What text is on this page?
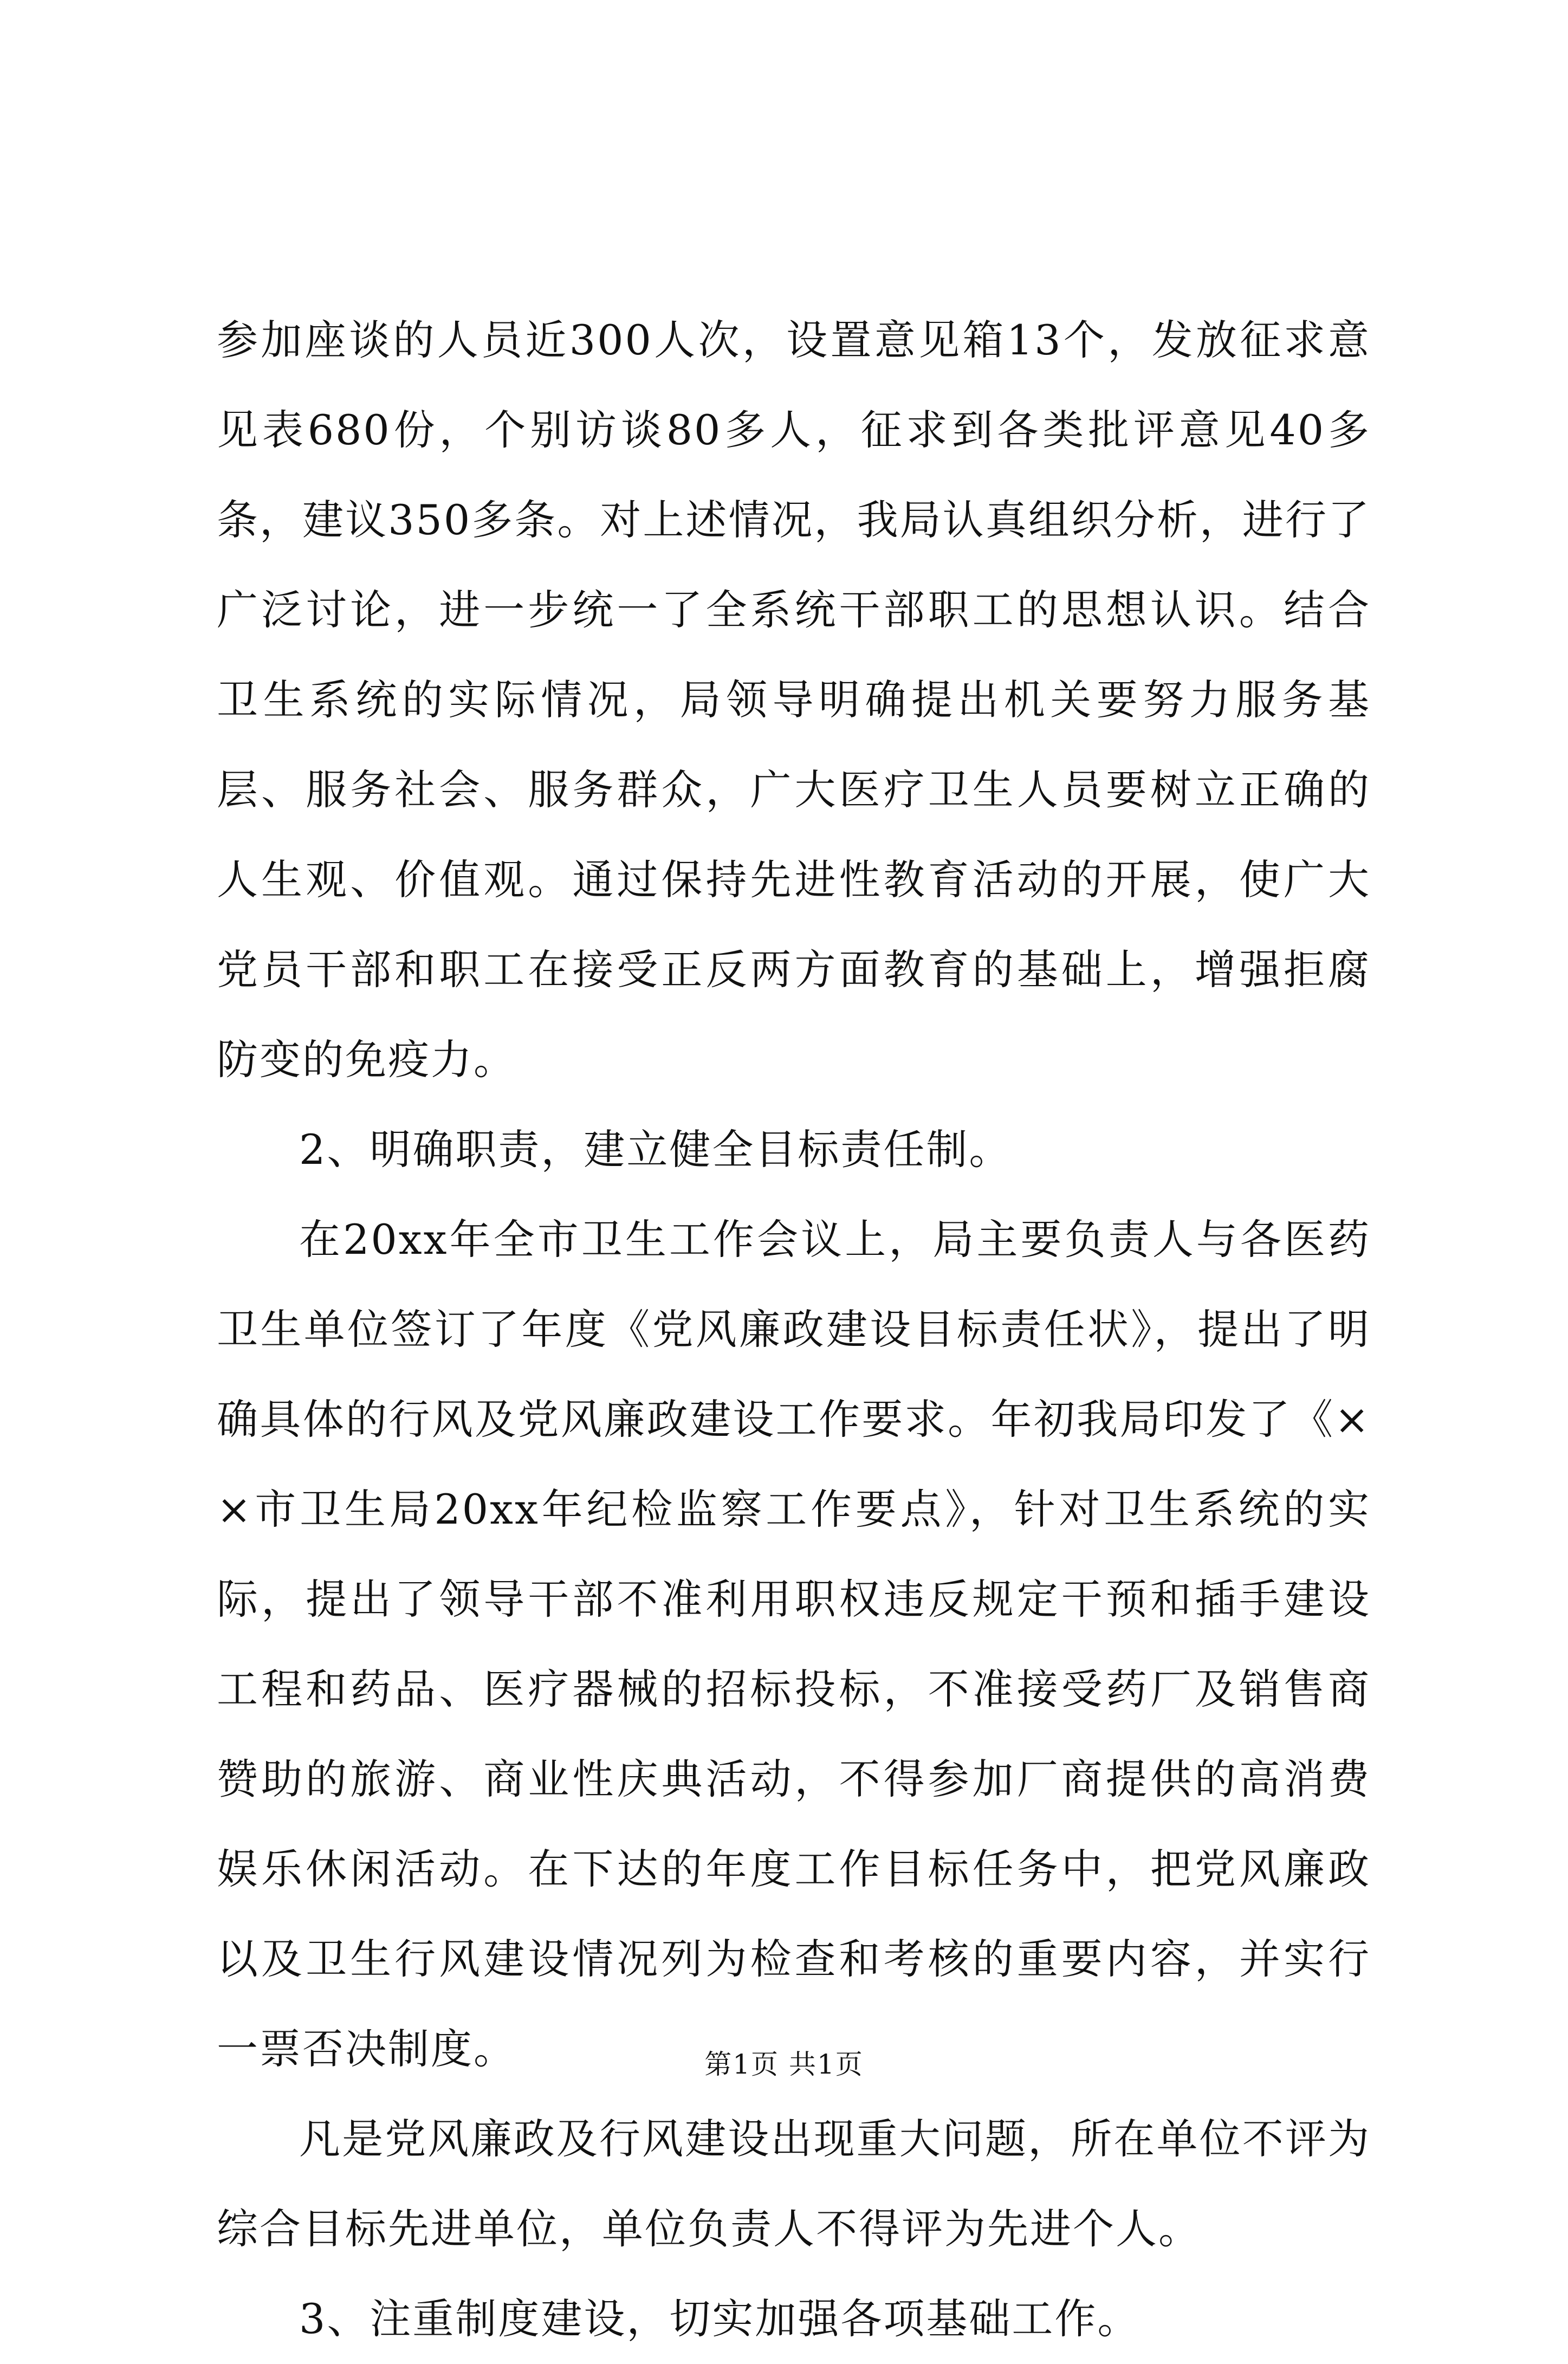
参加座谈的人员近300人次，设置意见箱13个，发放征求意见表680份，个别访谈80多人，征求到各类批评意见40多条，建议350多条。对上述情况，我局认真组织分析，进行了广泛讨论，进一步统一了全系统干部职工的思想认识。结合卫生系统的实际情况，局领导明确提出机关要努力服务基层、服务社会、服务群众，广大医疗卫生人员要树立正确的人生观、价值观。通过保持先进性教育活动的开展，使广大党员干部和职工在接受正反两方面教育的基础上，增强拒腐防变的免疫力。

2、明确职责，建立健全目标责任制。

在20xx年全市卫生工作会议上，局主要负责人与各医药卫生单位签订了年度《党风廉政建设目标责任状》，提出了明确具体的行风及党风廉政建设工作要求。年初我局印发了《××市卫生局20xx年纪检监察工作要点》，针对卫生系统的实际，提出了领导干部不准利用职权违反规定干预和插手建设工程和药品、医疗器械的招标投标，不准接受药厂及销售商赞助的旅游、商业性庆典活动，不得参加厂商提供的高消费娱乐休闲活动。在下达的年度工作目标任务中，把党风廉政以及卫生行风建设情况列为检查和考核的重要内容，并实行一票否决制度。

凡是党风廉政及行风建设出现重大问题，所在单位不评为综合目标先进单位，单位负责人不得评为先进个人。

3、注重制度建设，切实加强各项基础工作。

第1页 共1页
